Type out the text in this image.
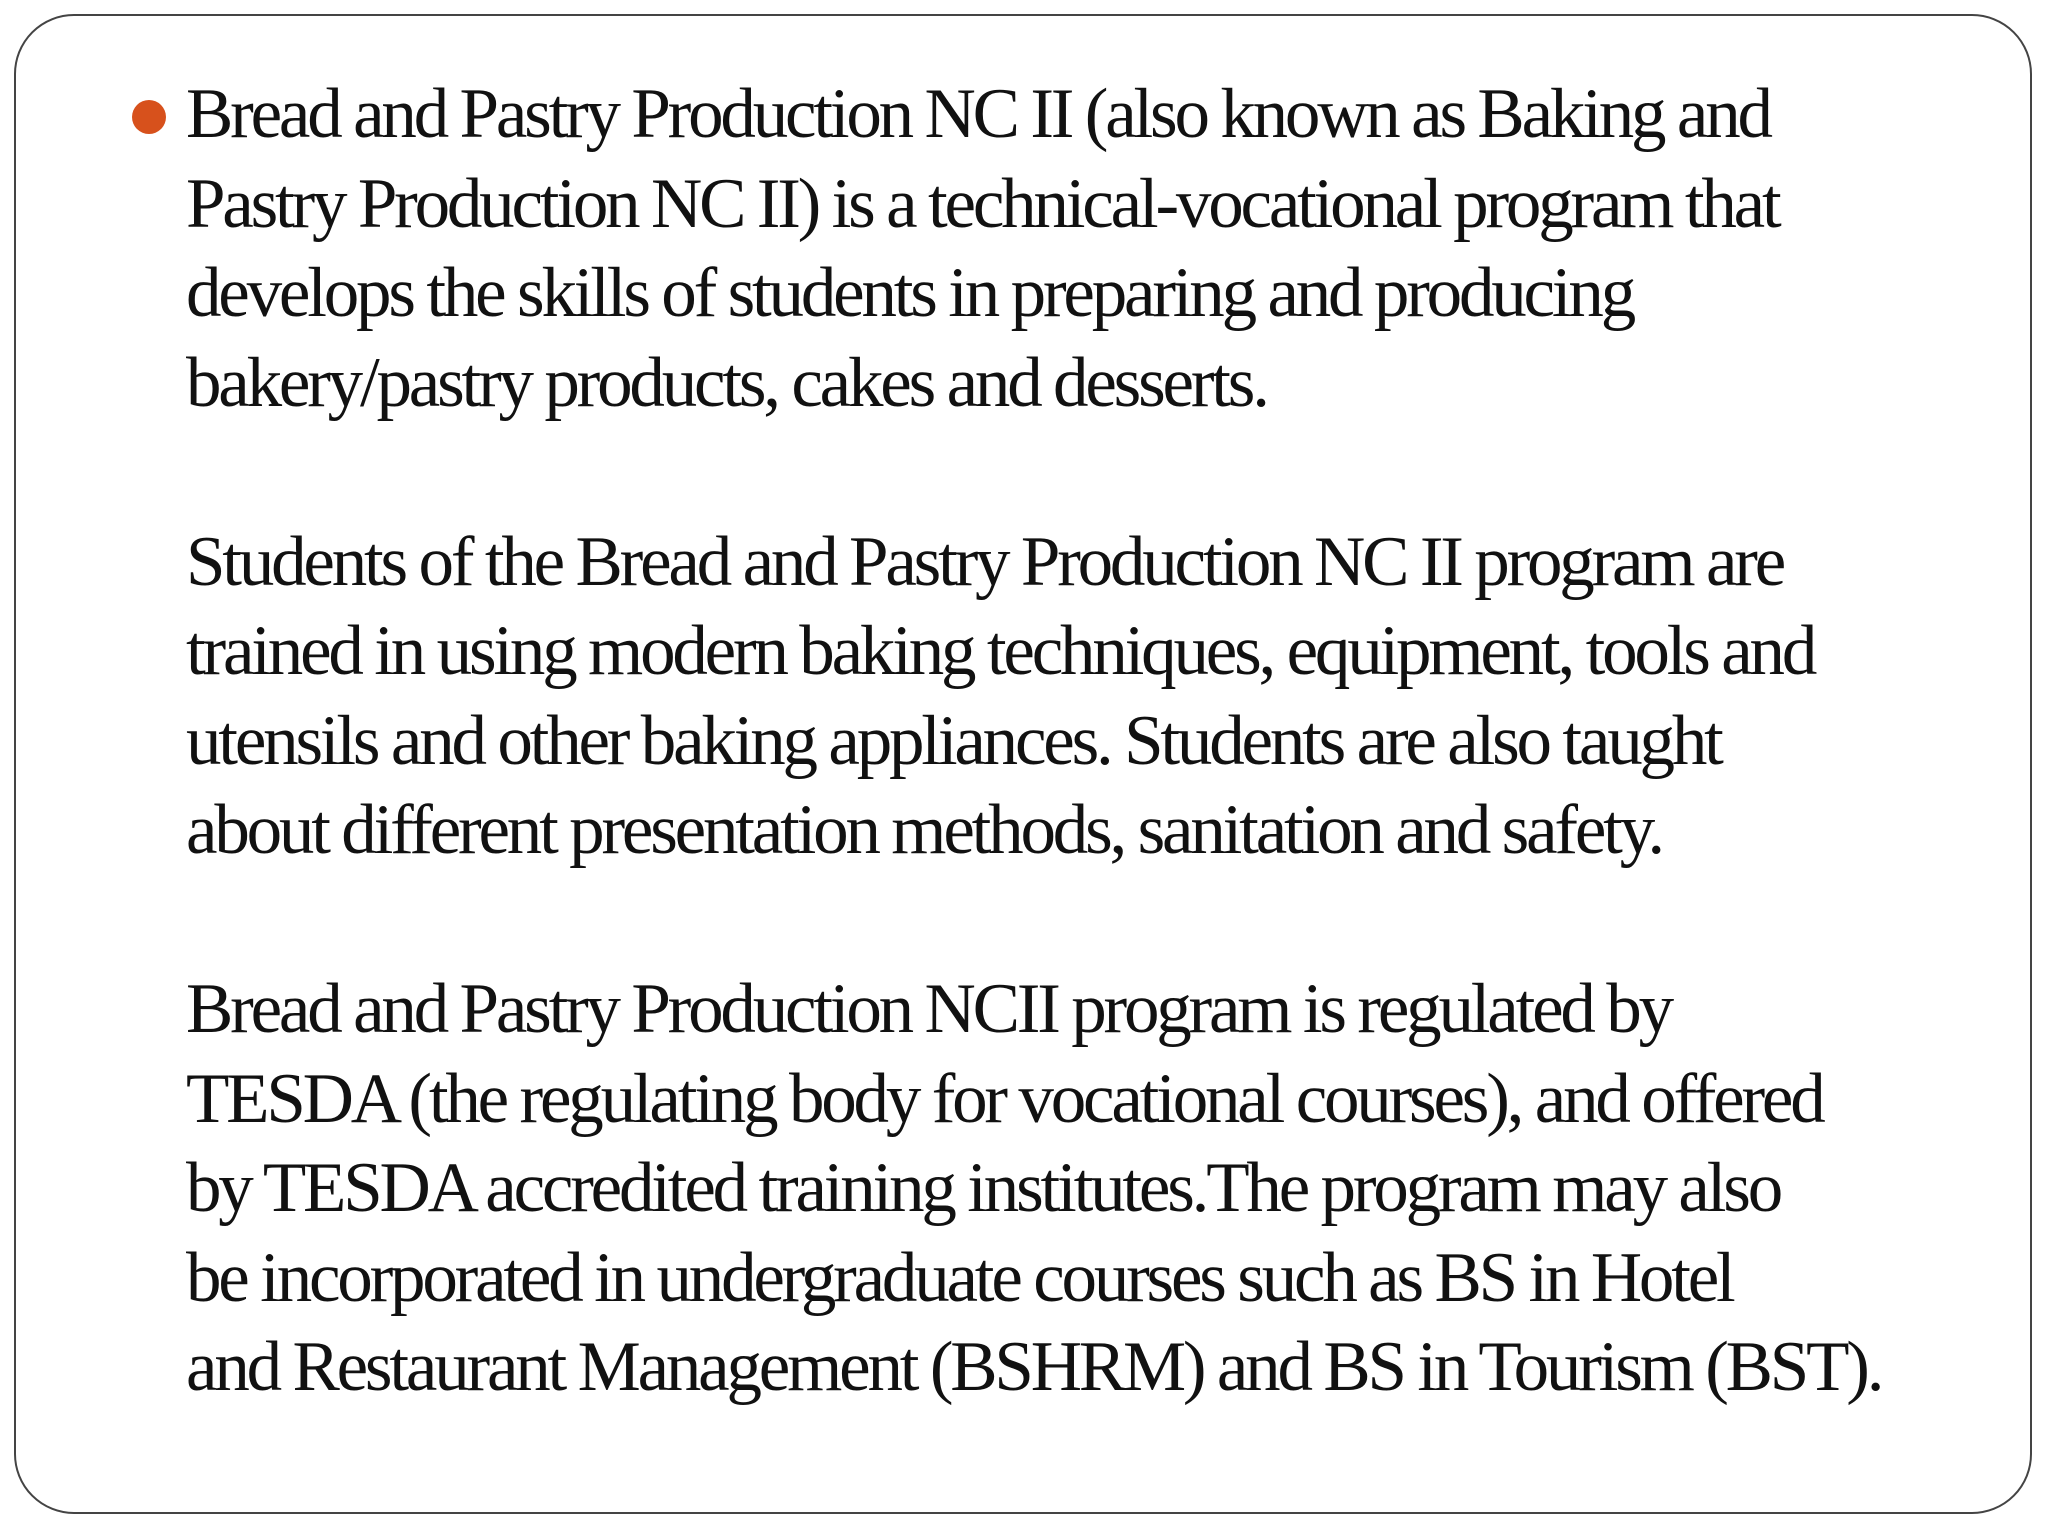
Bread and Pastry Production NC II (also known as Baking and
Pastry Production NC II) is a technical-vocational program that
develops the skills of students in preparing and producing
bakery/pastry products, cakes and desserts.

Students of the Bread and Pastry Production NC II program are
trained in using modern baking techniques, equipment, tools and
utensils and other baking appliances. Students are also taught
about different presentation methods, sanitation and safety.

Bread and Pastry Production NCII program is regulated by
TESDA (the regulating body for vocational courses), and offered
by TESDA accredited training institutes.The program may also
be incorporated in undergraduate courses such as BS in Hotel
and Restaurant Management (BSHRM) and BS in Tourism (BST).
